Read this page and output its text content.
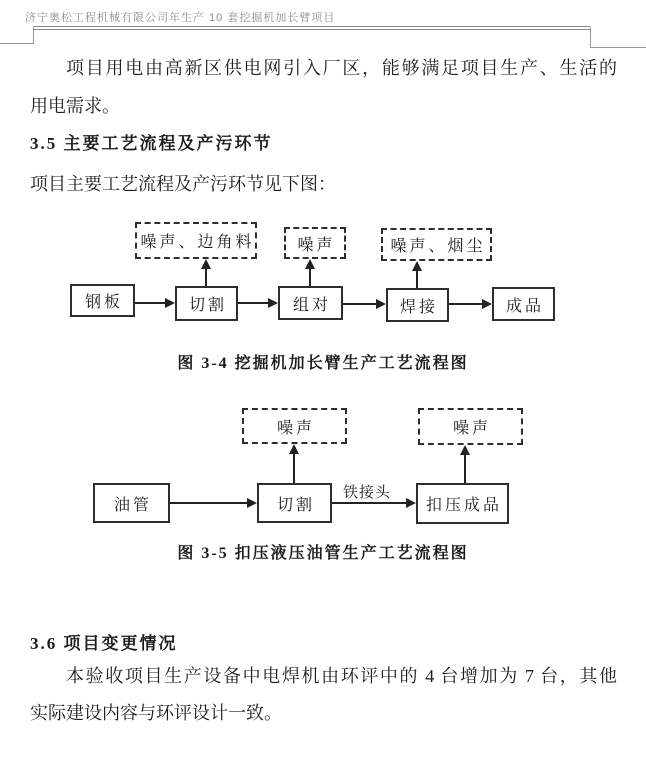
济宁奥松工程机械有限公司年生产 10 套挖掘机加长臂项目
项目用电由高新区供电网引入厂区，能够满足项目生产、生活的
用电需求。
3.5 主要工艺流程及产污环节
项目主要工艺流程及产污环节见下图：
噪声、边角料	噪声	噪声、烟尘
钢板	切割	组对	焊接	成品
图 3-4 挖掘机加长臂生产工艺流程图
噪声	噪声
油管	切割	扣压成品
铁接头
图 3-5 扣压液压油管生产工艺流程图
3.6 项目变更情况
本验收项目生产设备中电焊机由环评中的 4 台增加为 7 台，其他
实际建设内容与环评设计一致。
